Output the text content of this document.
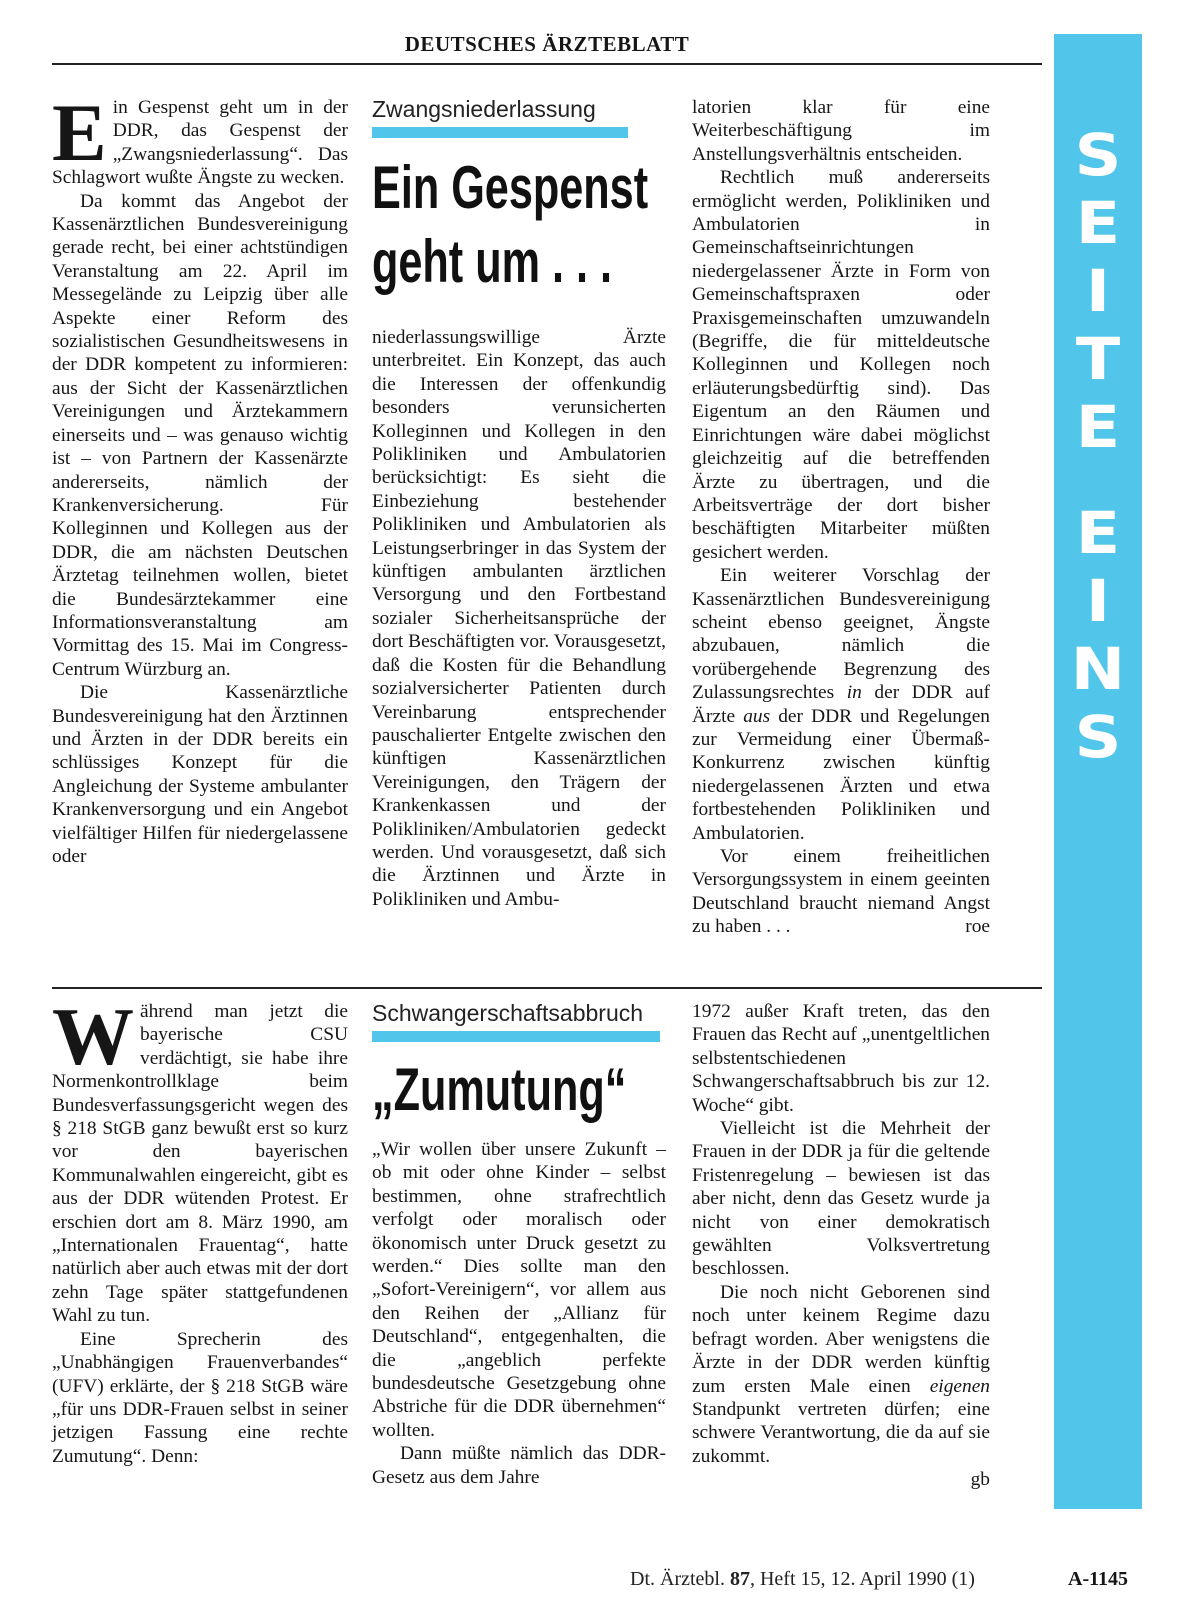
DEUTSCHES ÄRZTEBLATT
S
E
I
T
E
E
I
N
S

Ein Gespenst geht um in der DDR, das Gespenst der „Zwangsniederlassung“. Das Schlagwort wußte Ängste zu wecken.

Da kommt das Angebot der Kassenärztlichen Bundesvereinigung gerade recht, bei einer achtstündigen Veranstaltung am 22. April im Messegelände zu Leipzig über alle Aspekte einer Reform des sozialistischen Gesundheitswesens in der DDR kompetent zu informieren: aus der Sicht der Kassenärztlichen Vereinigungen und Ärztekammern einerseits und – was genauso wichtig ist – von Partnern der Kassenärzte andererseits, nämlich der Krankenversicherung. Für Kolleginnen und Kollegen aus der DDR, die am nächsten Deutschen Ärztetag teilnehmen wollen, bietet die Bundesärztekammer eine Informationsveranstaltung am Vormittag des 15. Mai im Congress-Centrum Würzburg an.

Die Kassenärztliche Bundesvereinigung hat den Ärztinnen und Ärzten in der DDR bereits ein schlüssiges Konzept für die Angleichung der Systeme ambulanter Krankenversorgung und ein Angebot vielfältiger Hilfen für niedergelassene oder

Zwangsniederlassung
Ein Gespenst
geht um . . .

niederlassungswillige Ärzte unterbreitet. Ein Konzept, das auch die Interessen der offenkundig besonders verunsicherten Kolleginnen und Kollegen in den Polikliniken und Ambulatorien berücksichtigt: Es sieht die Einbeziehung bestehender Polikliniken und Ambulatorien als Leistungserbringer in das System der künftigen ambulanten ärztlichen Versorgung und den Fortbestand sozialer Sicherheitsansprüche der dort Beschäftigten vor. Vorausgesetzt, daß die Kosten für die Behandlung sozialversicherter Patienten durch Vereinbarung entsprechender pauschalierter Entgelte zwischen den künftigen Kassenärztlichen Vereinigungen, den Trägern der Krankenkassen und der Polikliniken/Ambulatorien gedeckt werden. Und vorausgesetzt, daß sich die Ärztinnen und Ärzte in Polikliniken und Ambu-

latorien klar für eine Weiterbeschäftigung im Anstellungsverhältnis entscheiden.

Rechtlich muß andererseits ermöglicht werden, Polikliniken und Ambulatorien in Gemeinschaftseinrichtungen niedergelassener Ärzte in Form von Gemeinschaftspraxen oder Praxisgemeinschaften umzuwandeln (Begriffe, die für mitteldeutsche Kolleginnen und Kollegen noch erläuterungsbedürftig sind). Das Eigentum an den Räumen und Einrichtungen wäre dabei möglichst gleichzeitig auf die betreffenden Ärzte zu übertragen, und die Arbeitsverträge der dort bisher beschäftigten Mitarbeiter müßten gesichert werden.

Ein weiterer Vorschlag der Kassenärztlichen Bundesvereinigung scheint ebenso geeignet, Ängste abzubauen, nämlich die vorübergehende Begrenzung des Zulassungsrechtes in der DDR auf Ärzte aus der DDR und Regelungen zur Vermeidung einer Übermaß-Konkurrenz zwischen künftig niedergelassenen Ärzten und etwa fortbestehenden Polikliniken und Ambulatorien.

Vor einem freiheitlichen Versorgungssystem in einem geeinten Deutschland braucht niemand Angst zu haben . . .	roe

Während man jetzt die bayerische CSU verdächtigt, sie habe ihre Normenkontrollklage beim Bundesverfassungsgericht wegen des § 218 StGB ganz bewußt erst so kurz vor den bayerischen Kommunalwahlen eingereicht, gibt es aus der DDR wütenden Protest. Er erschien dort am 8. März 1990, am „Internationalen Frauentag“, hatte natürlich aber auch etwas mit der dort zehn Tage später stattgefundenen Wahl zu tun.

Eine Sprecherin des „Unabhängigen Frauenverbandes“ (UFV) erklärte, der § 218 StGB wäre „für uns DDR-Frauen selbst in seiner jetzigen Fassung eine rechte Zumutung“. Denn:

Schwangerschaftsabbruch
„Zumutung“

„Wir wollen über unsere Zukunft – ob mit oder ohne Kinder – selbst bestimmen, ohne strafrechtlich verfolgt oder moralisch oder ökonomisch unter Druck gesetzt zu werden.“ Dies sollte man den „Sofort-Vereinigern“, vor allem aus den Reihen der „Allianz für Deutschland“, entgegenhalten, die die „angeblich perfekte bundesdeutsche Gesetzgebung ohne Abstriche für die DDR übernehmen“ wollten.

Dann müßte nämlich das DDR-Gesetz aus dem Jahre

1972 außer Kraft treten, das den Frauen das Recht auf „unentgeltlichen selbstentschiedenen Schwangerschaftsabbruch bis zur 12. Woche“ gibt.

Vielleicht ist die Mehrheit der Frauen in der DDR ja für die geltende Fristenregelung – bewiesen ist das aber nicht, denn das Gesetz wurde ja nicht von einer demokratisch gewählten Volksvertretung beschlossen.

Die noch nicht Geborenen sind noch unter keinem Regime dazu befragt worden. Aber wenigstens die Ärzte in der DDR werden künftig zum ersten Male einen eigenen Standpunkt vertreten dürfen; eine schwere Verantwortung, die da auf sie zukommt.

gb

Dt. Ärztebl. 87, Heft 15, 12. April 1990 (1)	A-1145
